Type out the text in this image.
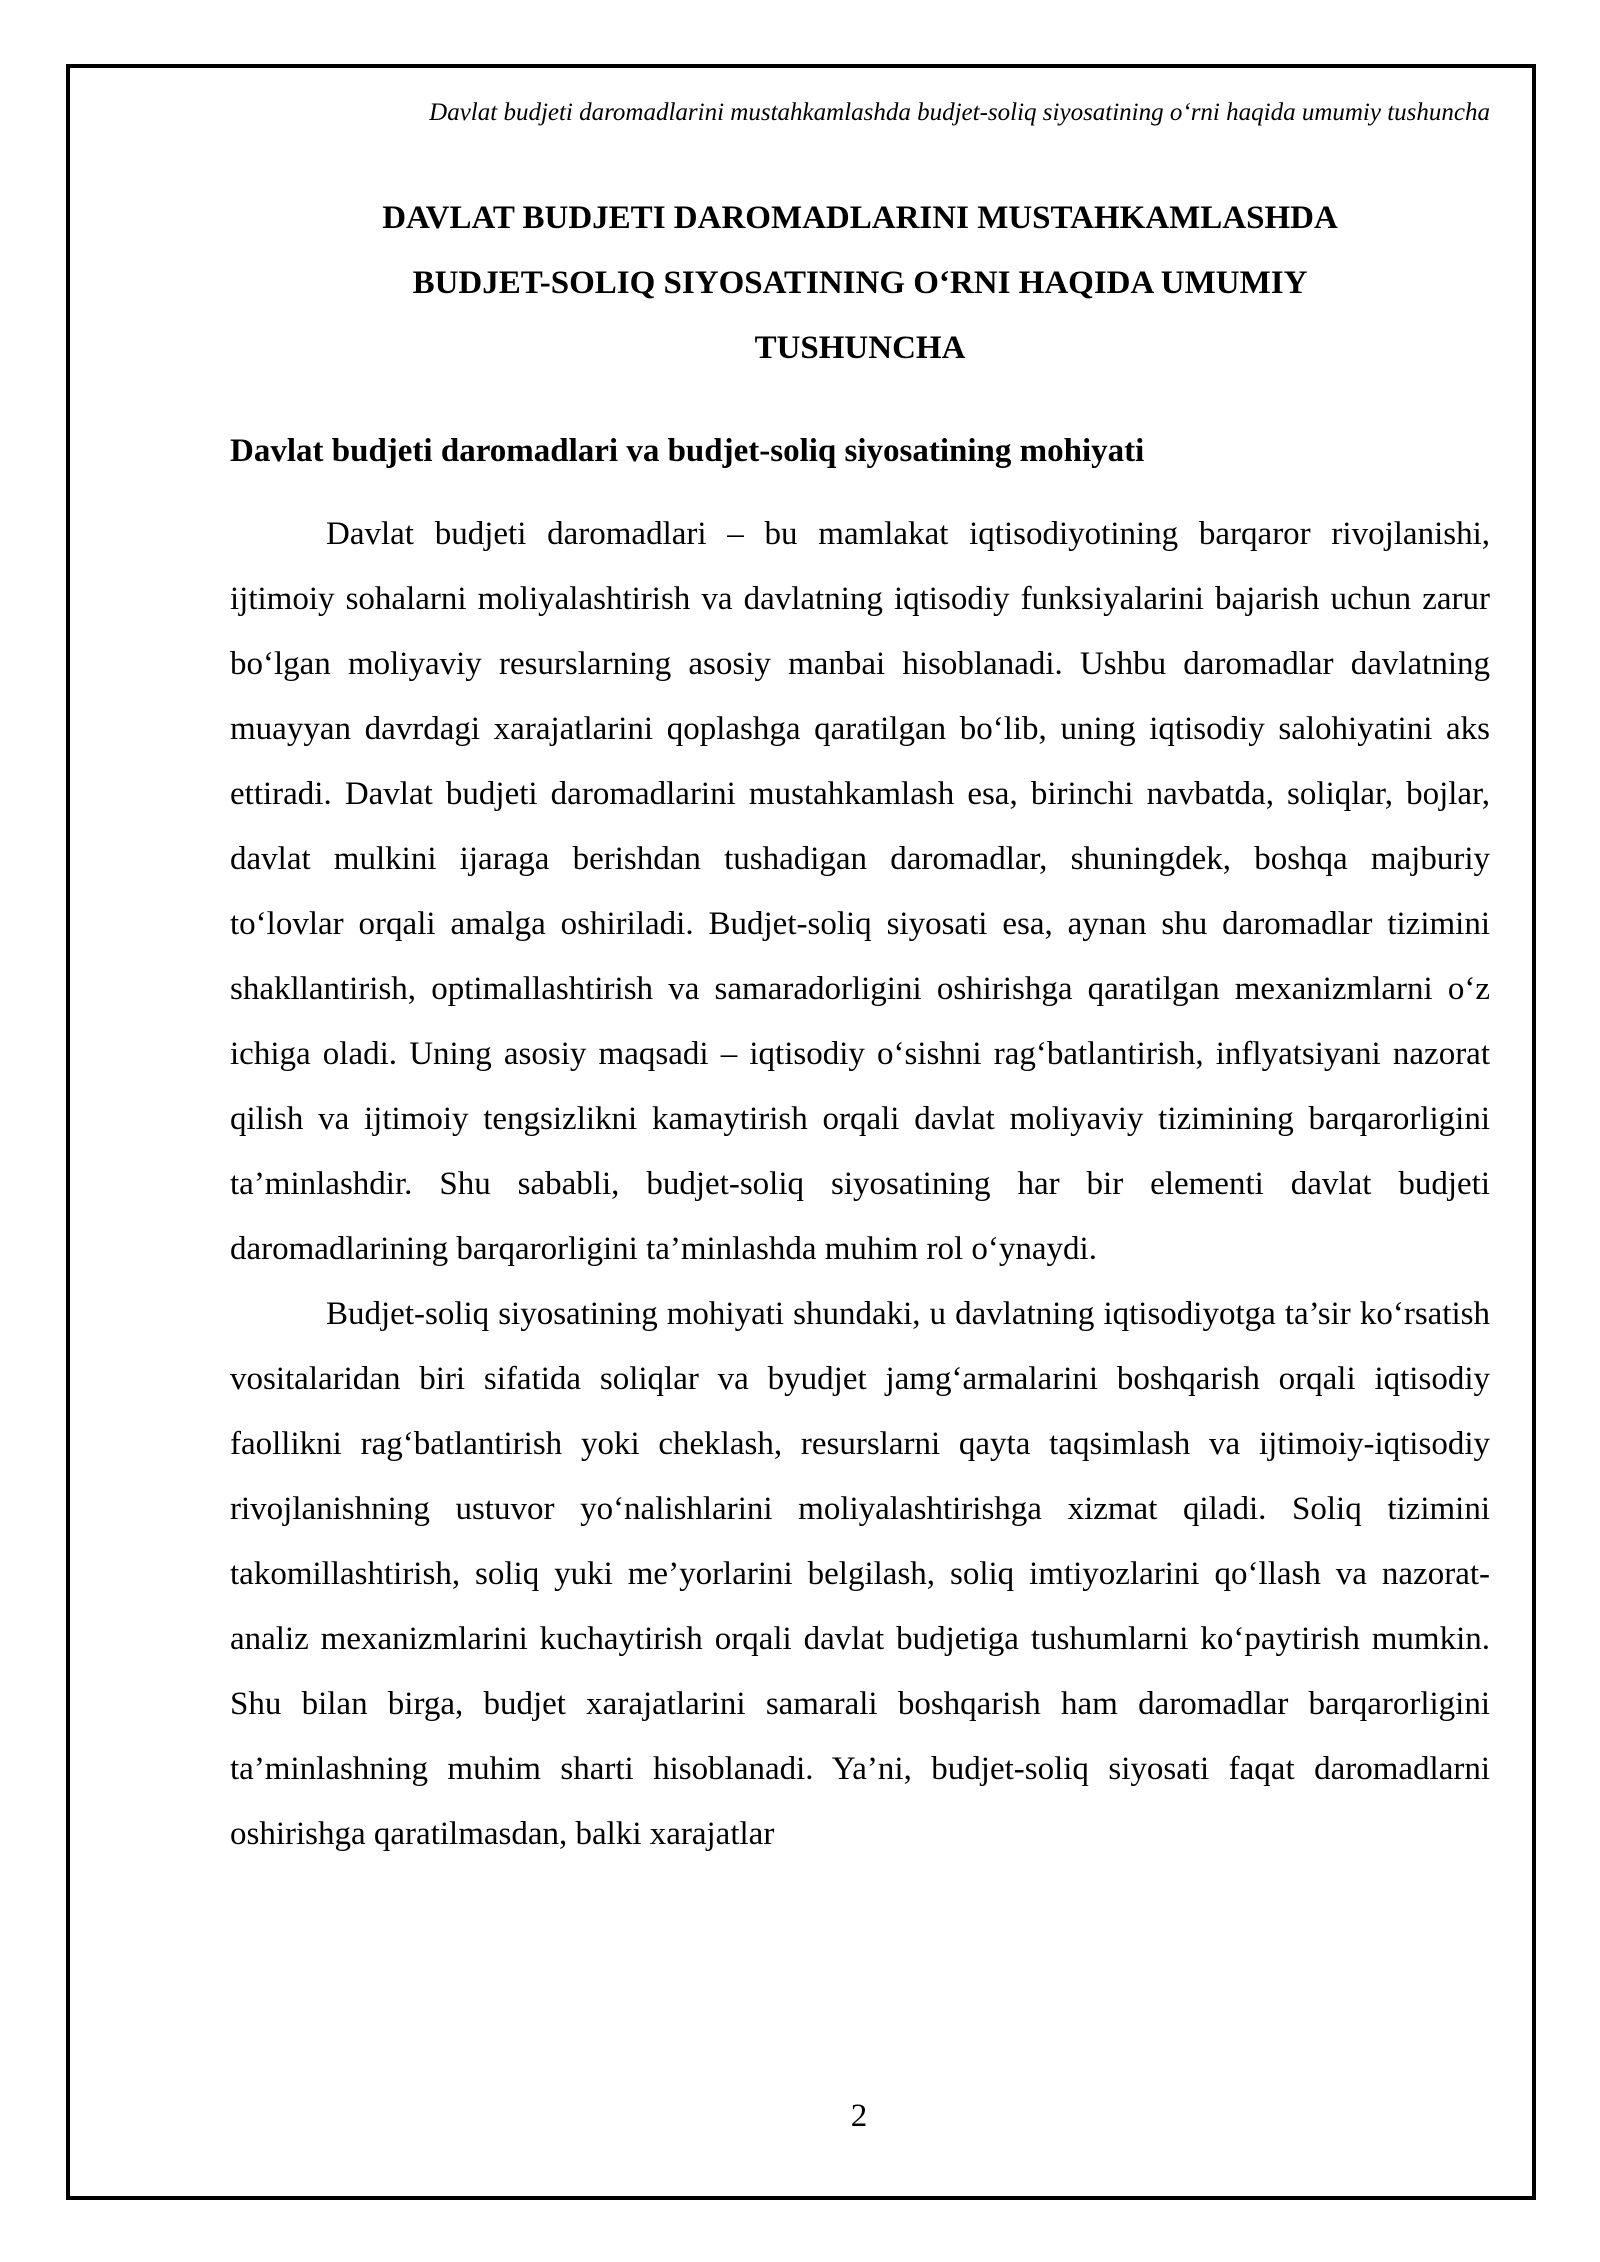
Davlat budjeti daromadlarini mustahkamlashda budjet-soliq siyosatining o‘rni haqida umumiy tushuncha
DAVLAT BUDJETI DAROMADLARINI MUSTAHKAMLASHDA
BUDJET-SOLIQ SIYOSATINING O‘RNI HAQIDA UMUMIY
TUSHUNCHA
Davlat budjeti daromadlari va budjet-soliq siyosatining mohiyati

Davlat budjeti daromadlari – bu mamlakat iqtisodiyotining barqaror rivojlanishi, ijtimoiy sohalarni moliyalashtirish va davlatning iqtisodiy funksiyalarini bajarish uchun zarur bo‘lgan moliyaviy resurslarning asosiy manbai hisoblanadi. Ushbu daromadlar davlatning muayyan davrdagi xarajatlarini qoplashga qaratilgan bo‘lib, uning iqtisodiy salohiyatini aks ettiradi. Davlat budjeti daromadlarini mustahkamlash esa, birinchi navbatda, soliqlar, bojlar, davlat mulkini ijaraga berishdan tushadigan daromadlar, shuningdek, boshqa majburiy to‘lovlar orqali amalga oshiriladi. Budjet-soliq siyosati esa, aynan shu daromadlar tizimini shakllantirish, optimallashtirish va samaradorligini oshirishga qaratilgan mexanizmlarni o‘z ichiga oladi. Uning asosiy maqsadi – iqtisodiy o‘sishni rag‘batlantirish, inflyatsiyani nazorat qilish va ijtimoiy tengsizlikni kamaytirish orqali davlat moliyaviy tizimining barqarorligini ta’minlashdir. Shu sababli, budjet-soliq siyosatining har bir elementi davlat budjeti daromadlarining barqarorligini ta’minlashda muhim rol o‘ynaydi.

Budjet-soliq siyosatining mohiyati shundaki, u davlatning iqtisodiyotga ta’sir ko‘rsatish vositalaridan biri sifatida soliqlar va byudjet jamg‘armalarini boshqarish orqali iqtisodiy faollikni rag‘batlantirish yoki cheklash, resurslarni qayta taqsimlash va ijtimoiy-iqtisodiy rivojlanishning ustuvor yo‘nalishlarini moliyalashtirishga xizmat qiladi. Soliq tizimini takomillashtirish, soliq yuki me’yorlarini belgilash, soliq imtiyozlarini qo‘llash va nazorat-analiz mexanizmlarini kuchaytirish orqali davlat budjetiga tushumlarni ko‘paytirish mumkin. Shu bilan birga, budjet xarajatlarini samarali boshqarish ham daromadlar barqarorligini ta’minlashning muhim sharti hisoblanadi. Ya’ni, budjet-soliq siyosati faqat daromadlarni oshirishga qaratilmasdan, balki xarajatlar

2
